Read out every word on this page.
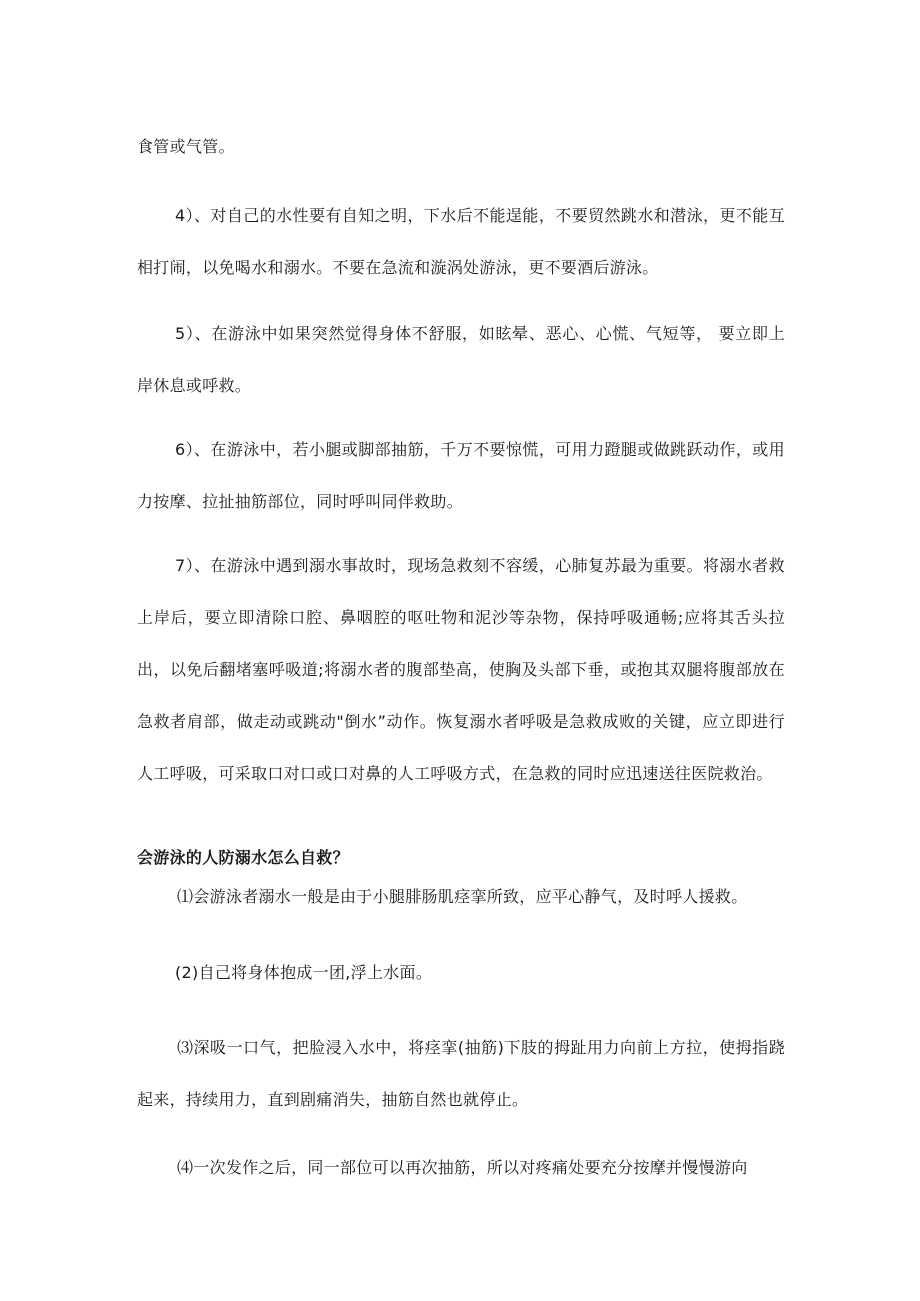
食管或气管。

4）、对自己的水性要有自知之明，下水后不能逞能，不要贸然跳水和潜泳，更不能互相打闹，以免喝水和溺水。不要在急流和漩涡处游泳，更不要酒后游泳。

5）、在游泳中如果突然觉得身体不舒服，如眩晕、恶心、心慌、气短等， 要立即上岸休息或呼救。

6）、在游泳中，若小腿或脚部抽筋，千万不要惊慌，可用力蹬腿或做跳跃动作，或用力按摩、拉扯抽筋部位，同时呼叫同伴救助。

7）、在游泳中遇到溺水事故时，现场急救刻不容缓，心肺复苏最为重要。将溺水者救上岸后，要立即清除口腔、鼻咽腔的呕吐物和泥沙等杂物，保持呼吸通畅;应将其舌头拉出，以免后翻堵塞呼吸道;将溺水者的腹部垫高，使胸及头部下垂，或抱其双腿将腹部放在急救者肩部，做走动或跳动"倒水”动作。恢复溺水者呼吸是急救成败的关键，应立即进行人工呼吸，可采取口对口或口对鼻的人工呼吸方式，在急救的同时应迅速送往医院救治。

会游泳的人防溺水怎么自救？

⑴会游泳者溺水一般是由于小腿腓肠肌痉挛所致，应平心静气，及时呼人援救。

(2)自己将身体抱成一团,浮上水面。

⑶深吸一口气，把脸浸入水中，将痉挛(抽筋)下肢的拇趾用力向前上方拉，使拇指跷起来，持续用力，直到剧痛消失，抽筋自然也就停止。

⑷一次发作之后，同一部位可以再次抽筋，所以对疼痛处要充分按摩并慢慢游向
